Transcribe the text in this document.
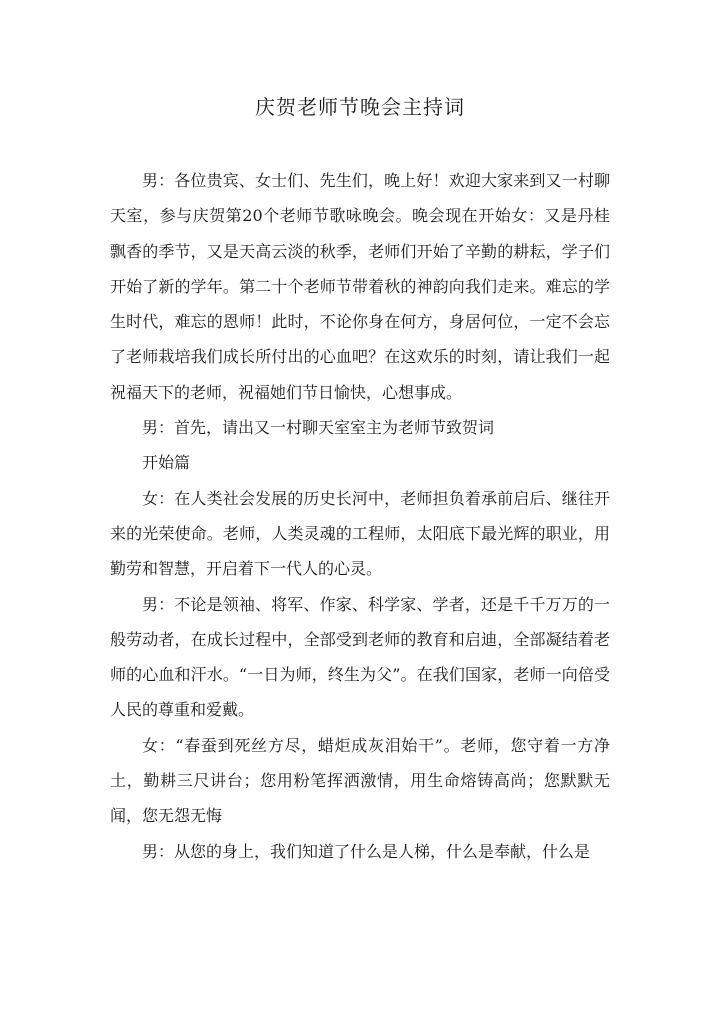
庆贺老师节晚会主持词

男：各位贵宾、女士们、先生们，晚上好！欢迎大家来到又一村聊天室，参与庆贺第20个老师节歌咏晚会。晚会现在开始女：又是丹桂飘香的季节，又是天高云淡的秋季，老师们开始了辛勤的耕耘，学子们开始了新的学年。第二十个老师节带着秋的神韵向我们走来。难忘的学生时代，难忘的恩师！此时，不论你身在何方，身居何位，一定不会忘了老师栽培我们成长所付出的心血吧？在这欢乐的时刻，请让我们一起祝福天下的老师，祝福她们节日愉快，心想事成。

男：首先，请出又一村聊天室室主为老师节致贺词

开始篇

女：在人类社会发展的历史长河中，老师担负着承前启后、继往开来的光荣使命。老师，人类灵魂的工程师，太阳底下最光辉的职业，用勤劳和智慧，开启着下一代人的心灵。

男：不论是领袖、将军、作家、科学家、学者，还是千千万万的一般劳动者，在成长过程中，全部受到老师的教育和启迪，全部凝结着老师的心血和汗水。“一日为师，终生为父”。在我们国家，老师一向倍受人民的尊重和爱戴。

女：“春蚕到死丝方尽，蜡炬成灰泪始干”。老师，您守着一方净土，勤耕三尺讲台；您用粉笔挥洒激情，用生命熔铸高尚；您默默无闻，您无怨无悔

男：从您的身上，我们知道了什么是人梯，什么是奉献，什么是
